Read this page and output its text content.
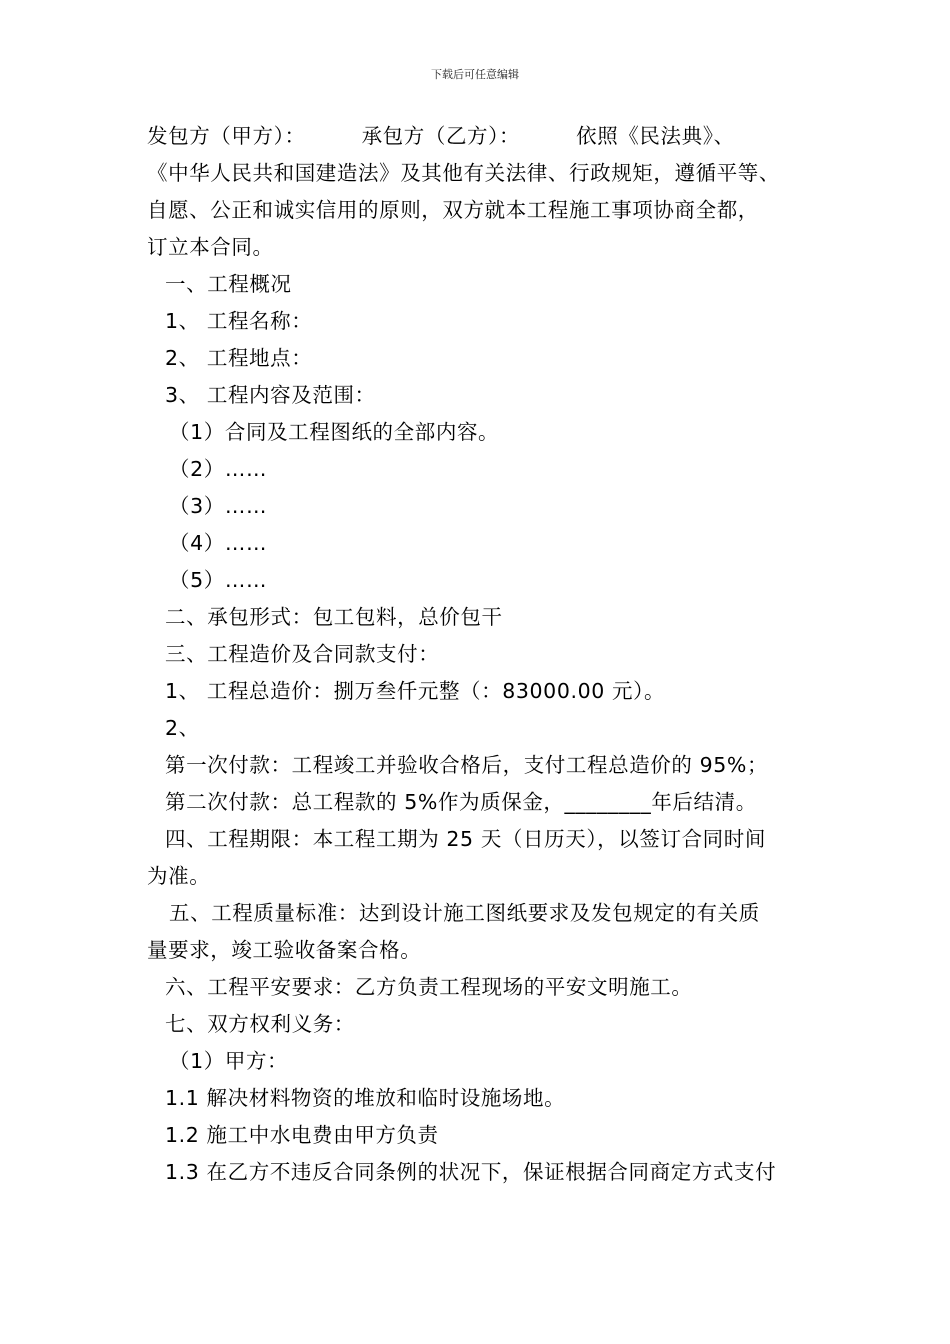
下载后可任意编辑
发包方（甲方）：	承包方（乙方）：	依照《民法典》、
《中华人民共和国建造法》及其他有关法律、行政规矩，遵循平等、
自愿、公正和诚实信用的原则，双方就本工程施工事项协商全都，
订立本合同。
一、工程概况
1、 工程名称：
2、 工程地点：
3、 工程内容及范围：
（1）合同及工程图纸的全部内容。
（2）……
（3）……
（4）……
（5）……
二、承包形式：包工包料，总价包干
三、工程造价及合同款支付：
1、 工程总造价：捌万叁仟元整（：83000.00 元）。
2、
第一次付款：工程竣工并验收合格后，支付工程总造价的 95%；
第二次付款：总工程款的 5%作为质保金，________年后结清。
四、工程期限：本工程工期为 25 天（日历天），以签订合同时间
为准。
五、工程质量标准：达到设计施工图纸要求及发包规定的有关质
量要求，竣工验收备案合格。
六、工程平安要求：乙方负责工程现场的平安文明施工。
七、双方权利义务：
（1）甲方：
1.1 解决材料物资的堆放和临时设施场地。
1.2 施工中水电费由甲方负责
1.3 在乙方不违反合同条例的状况下，保证根据合同商定方式支付
